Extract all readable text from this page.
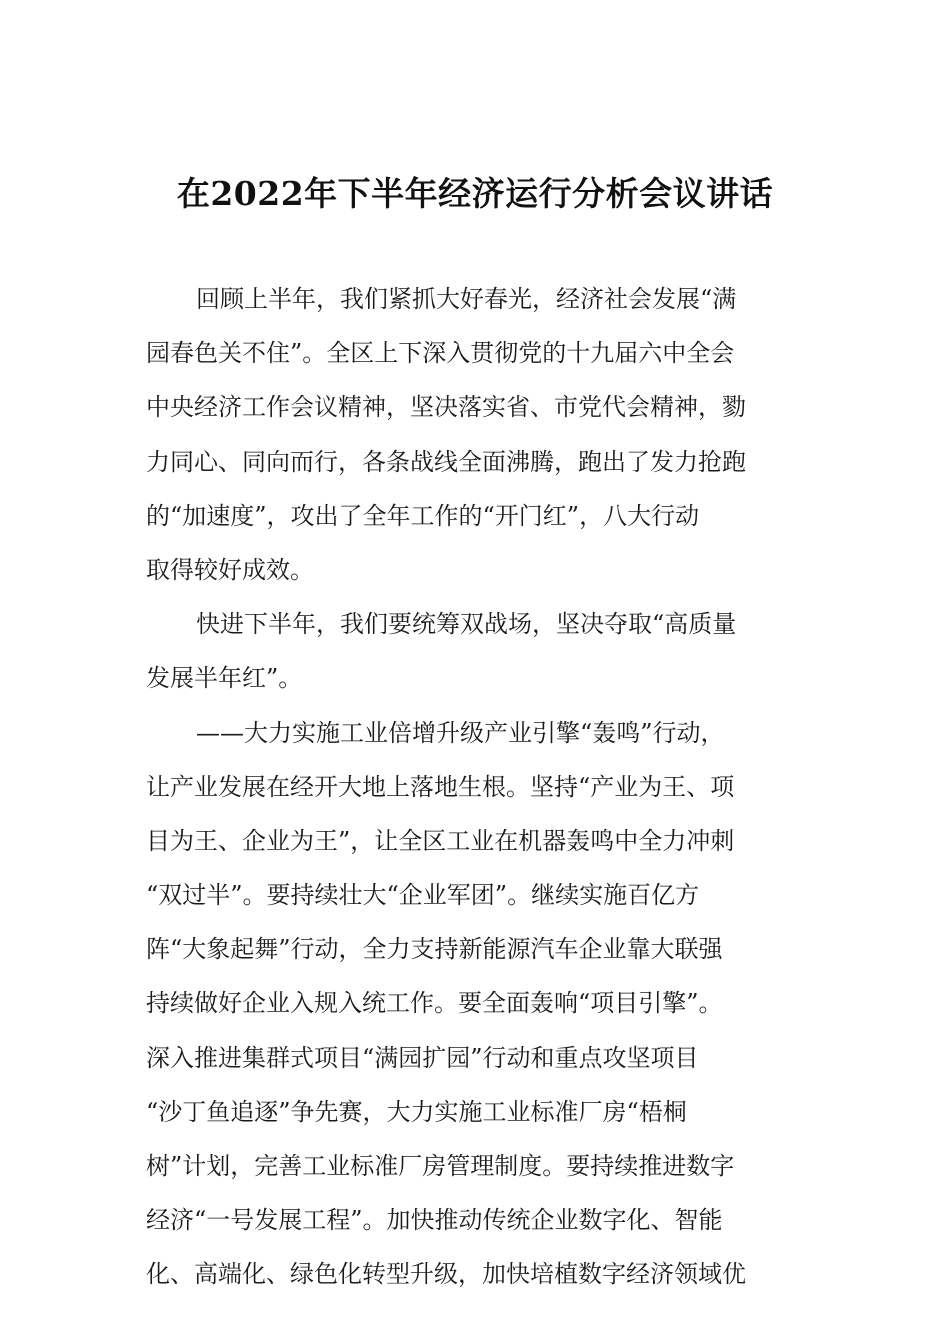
在2022年下半年经济运行分析会议讲话
回顾上半年，我们紧抓大好春光，经济社会发展“满
园春色关不住”。全区上下深入贯彻党的十九届六中全会
中央经济工作会议精神，坚决落实省、市党代会精神，勠
力同心、同向而行，各条战线全面沸腾，跑出了发力抢跑
的“加速度”，攻出了全年工作的“开门红”，八大行动
取得较好成效。
快进下半年，我们要统筹双战场，坚决夺取“高质量
发展半年红”。
——大力实施工业倍增升级产业引擎“轰鸣”行动，
让产业发展在经开大地上落地生根。坚持“产业为王、项
目为王、企业为王”，让全区工业在机器轰鸣中全力冲刺
“双过半”。要持续壮大“企业军团”。继续实施百亿方
阵“大象起舞”行动，全力支持新能源汽车企业靠大联强
持续做好企业入规入统工作。要全面轰响“项目引擎”。
深入推进集群式项目“满园扩园”行动和重点攻坚项目
“沙丁鱼追逐”争先赛，大力实施工业标准厂房“梧桐
树”计划，完善工业标准厂房管理制度。要持续推进数字
经济“一号发展工程”。加快推动传统企业数字化、智能
化、高端化、绿色化转型升级，加快培植数字经济领域优
